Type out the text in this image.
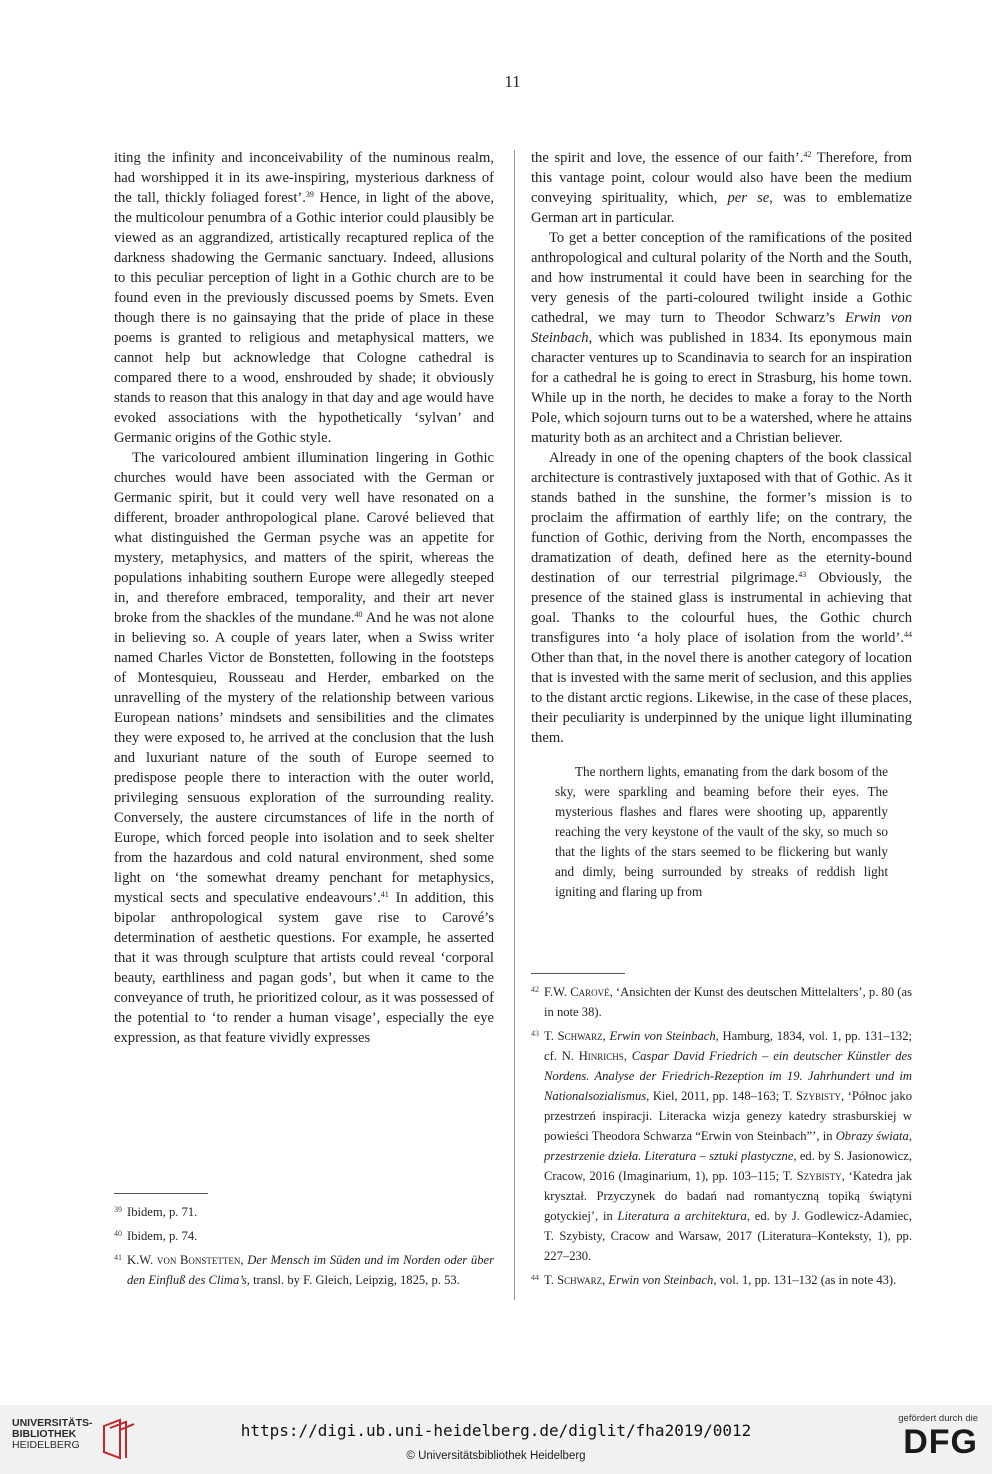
11

iting the infinity and inconceivability of the numinous realm, had worshipped it in its awe-inspiring, mysterious darkness of the tall, thickly foliaged forest’.$^{39}$ Hence, in light of the above, the multicolour penumbra of a Gothic interior could plausibly be viewed as an aggrandized, artistically recaptured replica of the darkness shadowing the Germanic sanctuary. Indeed, allusions to this peculiar perception of light in a Gothic church are to be found even in the previously discussed poems by Smets. Even though there is no gainsaying that the pride of place in these poems is granted to religious and metaphysical matters, we cannot help but acknowledge that Cologne cathedral is compared there to a wood, enshrouded by shade; it obviously stands to reason that this analogy in that day and age would have evoked associations with the hypothetically ‘sylvan’ and Germanic origins of the Gothic style.

The varicoloured ambient illumination lingering in Gothic churches would have been associated with the German or Germanic spirit, but it could very well have resonated on a different, broader anthropological plane. Carové believed that what distinguished the German psyche was an appetite for mystery, metaphysics, and matters of the spirit, whereas the populations inhabiting southern Europe were allegedly steeped in, and therefore embraced, temporality, and their art never broke from the shackles of the mundane.$^{40}$ And he was not alone in believing so. A couple of years later, when a Swiss writer named Charles Victor de Bonstetten, following in the footsteps of Montesquieu, Rousseau and Herder, embarked on the unravelling of the mystery of the relationship between various European nations’ mindsets and sensibilities and the climates they were exposed to, he arrived at the conclusion that the lush and luxuriant nature of the south of Europe seemed to predispose people there to interaction with the outer world, privileging sensuous exploration of the surrounding reality. Conversely, the austere circumstances of life in the north of Europe, which forced people into isolation and to seek shelter from the hazardous and cold natural environment, shed some light on ‘the somewhat dreamy penchant for metaphysics, mystical sects and speculative endeavours’.$^{41}$ In addition, this bipolar anthropological system gave rise to Carové’s determination of aesthetic questions. For example, he asserted that it was through sculpture that artists could reveal ‘corporal beauty, earthliness and pagan gods’, but when it came to the conveyance of truth, he prioritized colour, as it was possessed of the potential to ‘to render a human visage’, especially the eye expression, as that feature vividly expresses

the spirit and love, the essence of our faith’.$^{42}$ Therefore, from this vantage point, colour would also have been the medium conveying spirituality, which, per se, was to emblematize German art in particular.

To get a better conception of the ramifications of the posited anthropological and cultural polarity of the North and the South, and how instrumental it could have been in searching for the very genesis of the parti-coloured twilight inside a Gothic cathedral, we may turn to Theodor Schwarz’s Erwin von Steinbach, which was published in 1834. Its eponymous main character ventures up to Scandinavia to search for an inspiration for a cathedral he is going to erect in Strasburg, his home town. While up in the north, he decides to make a foray to the North Pole, which sojourn turns out to be a watershed, where he attains maturity both as an architect and a Christian believer.

Already in one of the opening chapters of the book classical architecture is contrastively juxtaposed with that of Gothic. As it stands bathed in the sunshine, the former’s mission is to proclaim the affirmation of earthly life; on the contrary, the function of Gothic, deriving from the North, encompasses the dramatization of death, defined here as the eternity-bound destination of our terrestrial pilgrimage.$^{43}$ Obviously, the presence of the stained glass is instrumental in achieving that goal. Thanks to the colourful hues, the Gothic church transfigures into ‘a holy place of isolation from the world’.$^{44}$ Other than that, in the novel there is another category of location that is invested with the same merit of seclusion, and this applies to the distant arctic regions. Likewise, in the case of these places, their peculiarity is underpinned by the unique light illuminating them.

The northern lights, emanating from the dark bosom of the sky, were sparkling and beaming before their eyes. The mysterious flashes and flares were shooting up, apparently reaching the very keystone of the vault of the sky, so much so that the lights of the stars seemed to be flickering but wanly and dimly, being surrounded by streaks of reddish light igniting and flaring up from

39 Ibidem, p. 71.

40 Ibidem, p. 74.

41 K.W. von Bonstetten, Der Mensch im Süden und im Norden oder über den Einfluß des Clima’s, transl. by F. Gleich, Leipzig, 1825, p. 53.

42 F.W. Carové, ‘Ansichten der Kunst des deutschen Mittelalters’, p. 80 (as in note 38).

43 T. Schwarz, Erwin von Steinbach, Hamburg, 1834, vol. 1, pp. 131–132; cf. N. Hinrichs, Caspar David Friedrich – ein deutscher Künstler des Nordens. Analyse der Friedrich-Rezeption im 19. Jahrhundert und im Nationalsozialismus, Kiel, 2011, pp. 148–163; T. Szybisty, ‘Północ jako przestrzeń inspiracji. Literacka wizja genezy katedry strasburskiej w powieści Theodora Schwarza “Erwin von Steinbach”’, in Obrazy świata, przestrzenie dzieła. Literatura – sztuki plastyczne, ed. by S. Jasionowicz, Cracow, 2016 (Imaginarium, 1), pp. 103–115; T. Szybisty, ‘Katedra jak kryształ. Przyczynek do badań nad romantyczną topiką świątyni gotyckiej’, in Literatura a architektura, ed. by J. Godlewicz-Adamiec, T. Szybisty, Cracow and Warsaw, 2017 (Literatura–Konteksty, 1), pp. 227–230.

44 T. Schwarz, Erwin von Steinbach, vol. 1, pp. 131–132 (as in note 43).

UNIVERSITÄTS-
BIBLIOTHEK
HEIDELBERG
https://digi.ub.uni-heidelberg.de/diglit/fha2019/0012
© Universitätsbibliothek Heidelberg
gefördert durch die
DFG
